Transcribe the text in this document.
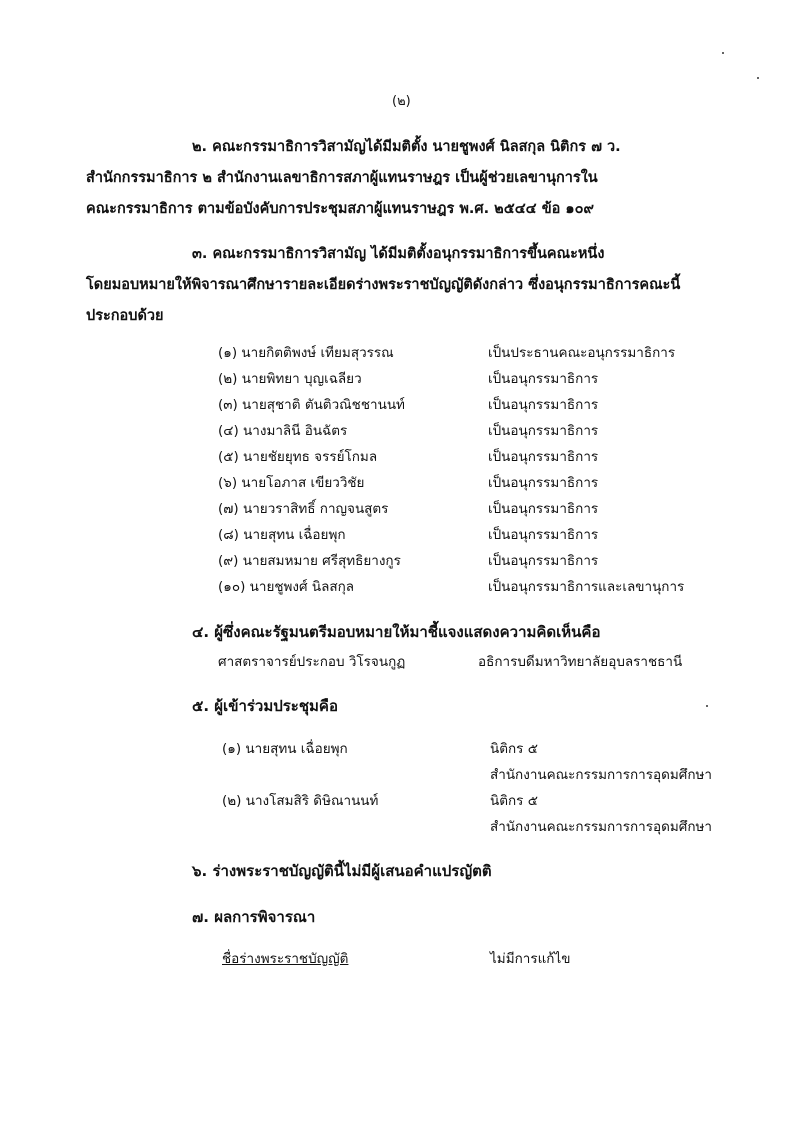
(๒)
๒. คณะกรรมาธิการวิสามัญได้มีมติตั้ง นายชูพงศ์ นิลสกุล นิติกร ๗ ว.
สำนักกรรมาธิการ ๒ สำนักงานเลขาธิการสภาผู้แทนราษฎร เป็นผู้ช่วยเลขานุการใน
คณะกรรมาธิการ ตามข้อบังคับการประชุมสภาผู้แทนราษฎร พ.ศ. ๒๕๔๔ ข้อ ๑๐๙
๓. คณะกรรมาธิการวิสามัญ ได้มีมติตั้งอนุกรรมาธิการขึ้นคณะหนึ่ง
โดยมอบหมายให้พิจารณาศึกษารายละเอียดร่างพระราชบัญญัติดังกล่าว ซึ่งอนุกรรมาธิการคณะนี้
ประกอบด้วย
(๑) นายกิตติพงษ์ เทียมสุวรรณ	เป็นประธานคณะอนุกรรมาธิการ
(๒) นายพิทยา บุญเฉลียว	เป็นอนุกรรมาธิการ
(๓) นายสุชาติ ตันติวณิชชานนท์	เป็นอนุกรรมาธิการ
(๔) นางมาลินี อินฉัตร	เป็นอนุกรรมาธิการ
(๕) นายชัยยุทธ จรรย์โกมล	เป็นอนุกรรมาธิการ
(๖) นายโอภาส เขียววิชัย	เป็นอนุกรรมาธิการ
(๗) นายวราสิทธิ์ กาญจนสูตร	เป็นอนุกรรมาธิการ
(๘) นายสุทน เฉื่อยพุก	เป็นอนุกรรมาธิการ
(๙) นายสมหมาย ศรีสุทธิยางกูร	เป็นอนุกรรมาธิการ
(๑๐) นายชูพงศ์ นิลสกุล	เป็นอนุกรรมาธิการและเลขานุการ
๔. ผู้ซึ่งคณะรัฐมนตรีมอบหมายให้มาชี้แจงแสดงความคิดเห็นคือ
ศาสตราจารย์ประกอบ วิโรจนกูฏ	อธิการบดีมหาวิทยาลัยอุบลราชธานี
๕. ผู้เข้าร่วมประชุมคือ
(๑) นายสุทน เฉื่อยพุก	นิติกร ๕
สำนักงานคณะกรรมการการอุดมศึกษา
(๒) นางโสมสิริ ดิษิณานนท์	นิติกร ๕
สำนักงานคณะกรรมการการอุดมศึกษา
๖. ร่างพระราชบัญญัตินี้ไม่มีผู้เสนอคำแปรญัตติ
๗. ผลการพิจารณา
ชื่อร่างพระราชบัญญัติ	ไม่มีการแก้ไข
